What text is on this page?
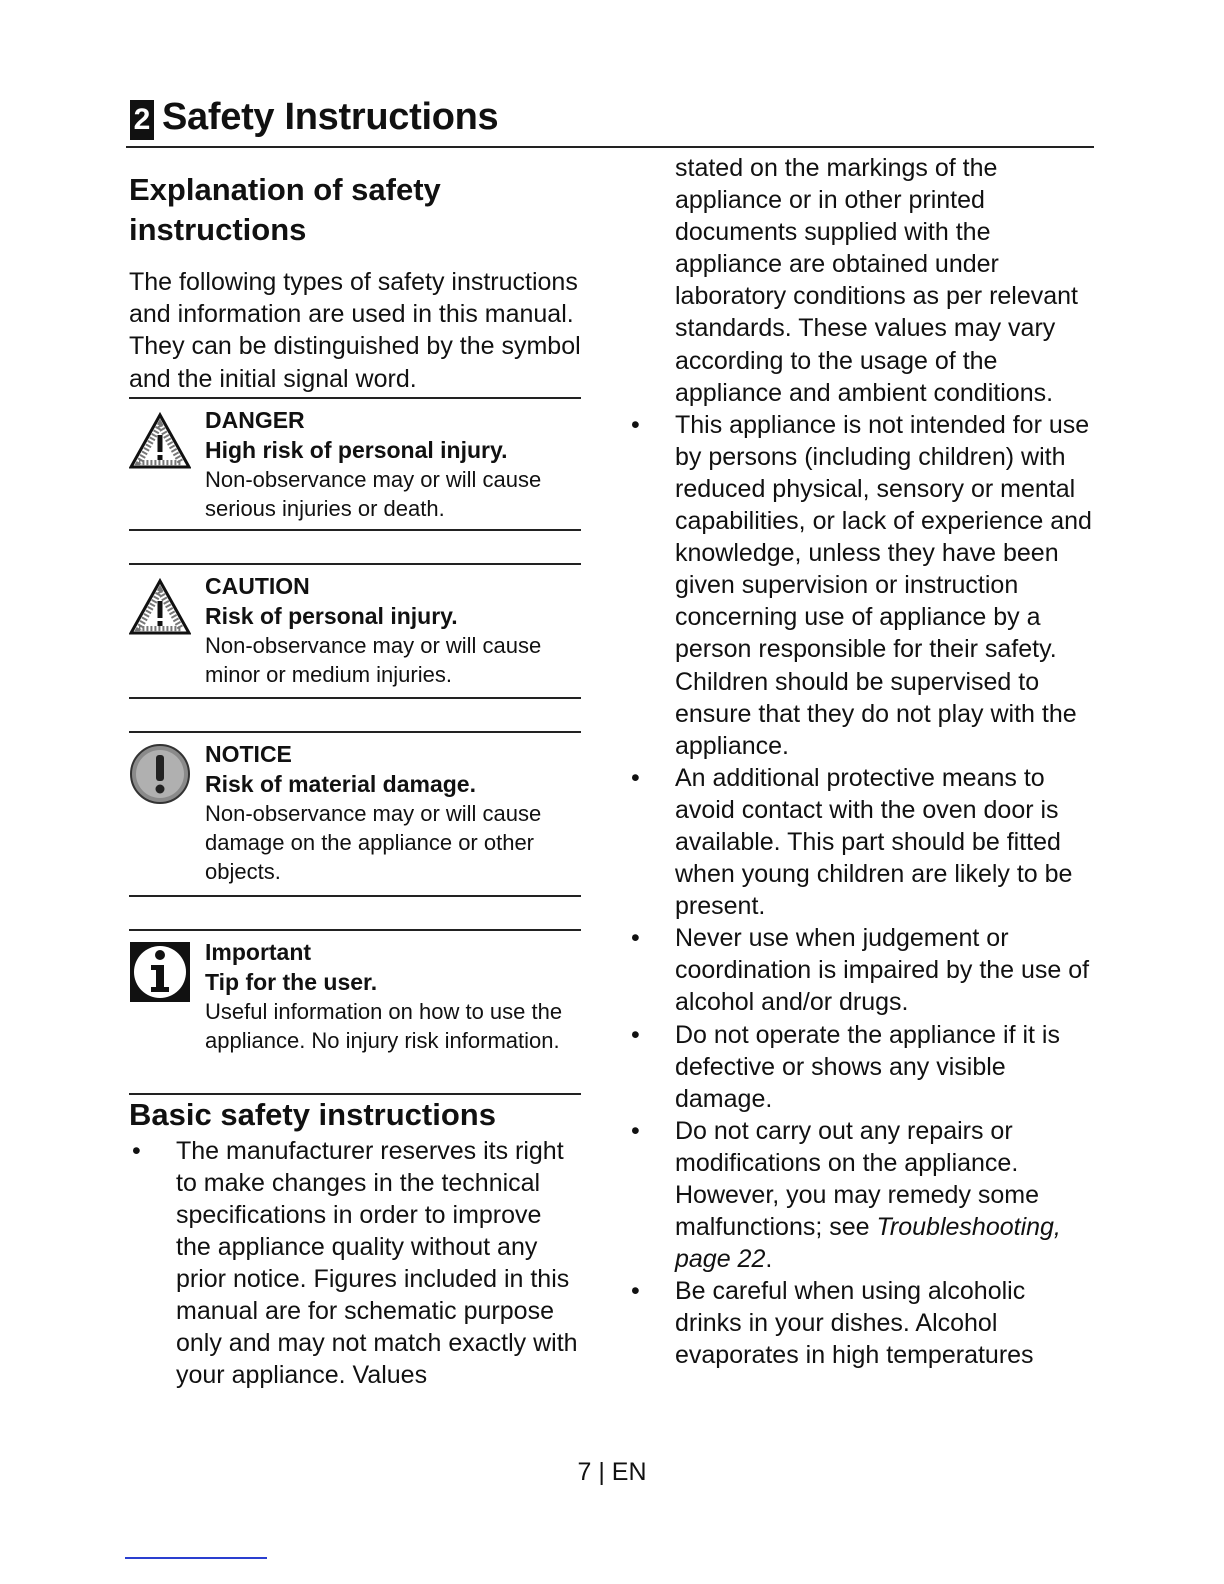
2 Safety Instructions
Explanation of safety instructions

The following types of safety instructions and information are used in this manual. They can be distinguished by the symbol and the initial signal word.

DANGER
High risk of personal injury.
Non-observance may or will cause serious injuries or death.
CAUTION
Risk of personal injury.
Non-observance may or will cause minor or medium injuries.
NOTICE
Risk of material damage.
Non-observance may or will cause damage on the appliance or other objects.
Important
Tip for the user.
Useful information on how to use the appliance. No injury risk information.
Basic safety instructions
• The manufacturer reserves its right to make changes in the technical specifications in order to improve the appliance quality without any prior notice. Figures included in this manual are for schematic purpose only and may not match exactly with your appliance. Values
stated on the markings of the appliance or in other printed documents supplied with the appliance are obtained under laboratory conditions as per relevant standards. These values may vary according to the usage of the appliance and ambient conditions.
• This appliance is not intended for use by persons (including children) with reduced physical, sensory or mental capabilities, or lack of experience and knowledge, unless they have been given supervision or instruction concerning use of appliance by a person responsible for their safety.
Children should be supervised to ensure that they do not play with the appliance.
• An additional protective means to avoid contact with the oven door is available. This part should be fitted when young children are likely to be present.
• Never use when judgement or coordination is impaired by the use of alcohol and/or drugs.
• Do not operate the appliance if it is defective or shows any visible damage.
• Do not carry out any repairs or modifications on the appliance. However, you may remedy some malfunctions; see Troubleshooting, page 22.
• Be careful when using alcoholic drinks in your dishes. Alcohol evaporates in high temperatures
7 | EN
